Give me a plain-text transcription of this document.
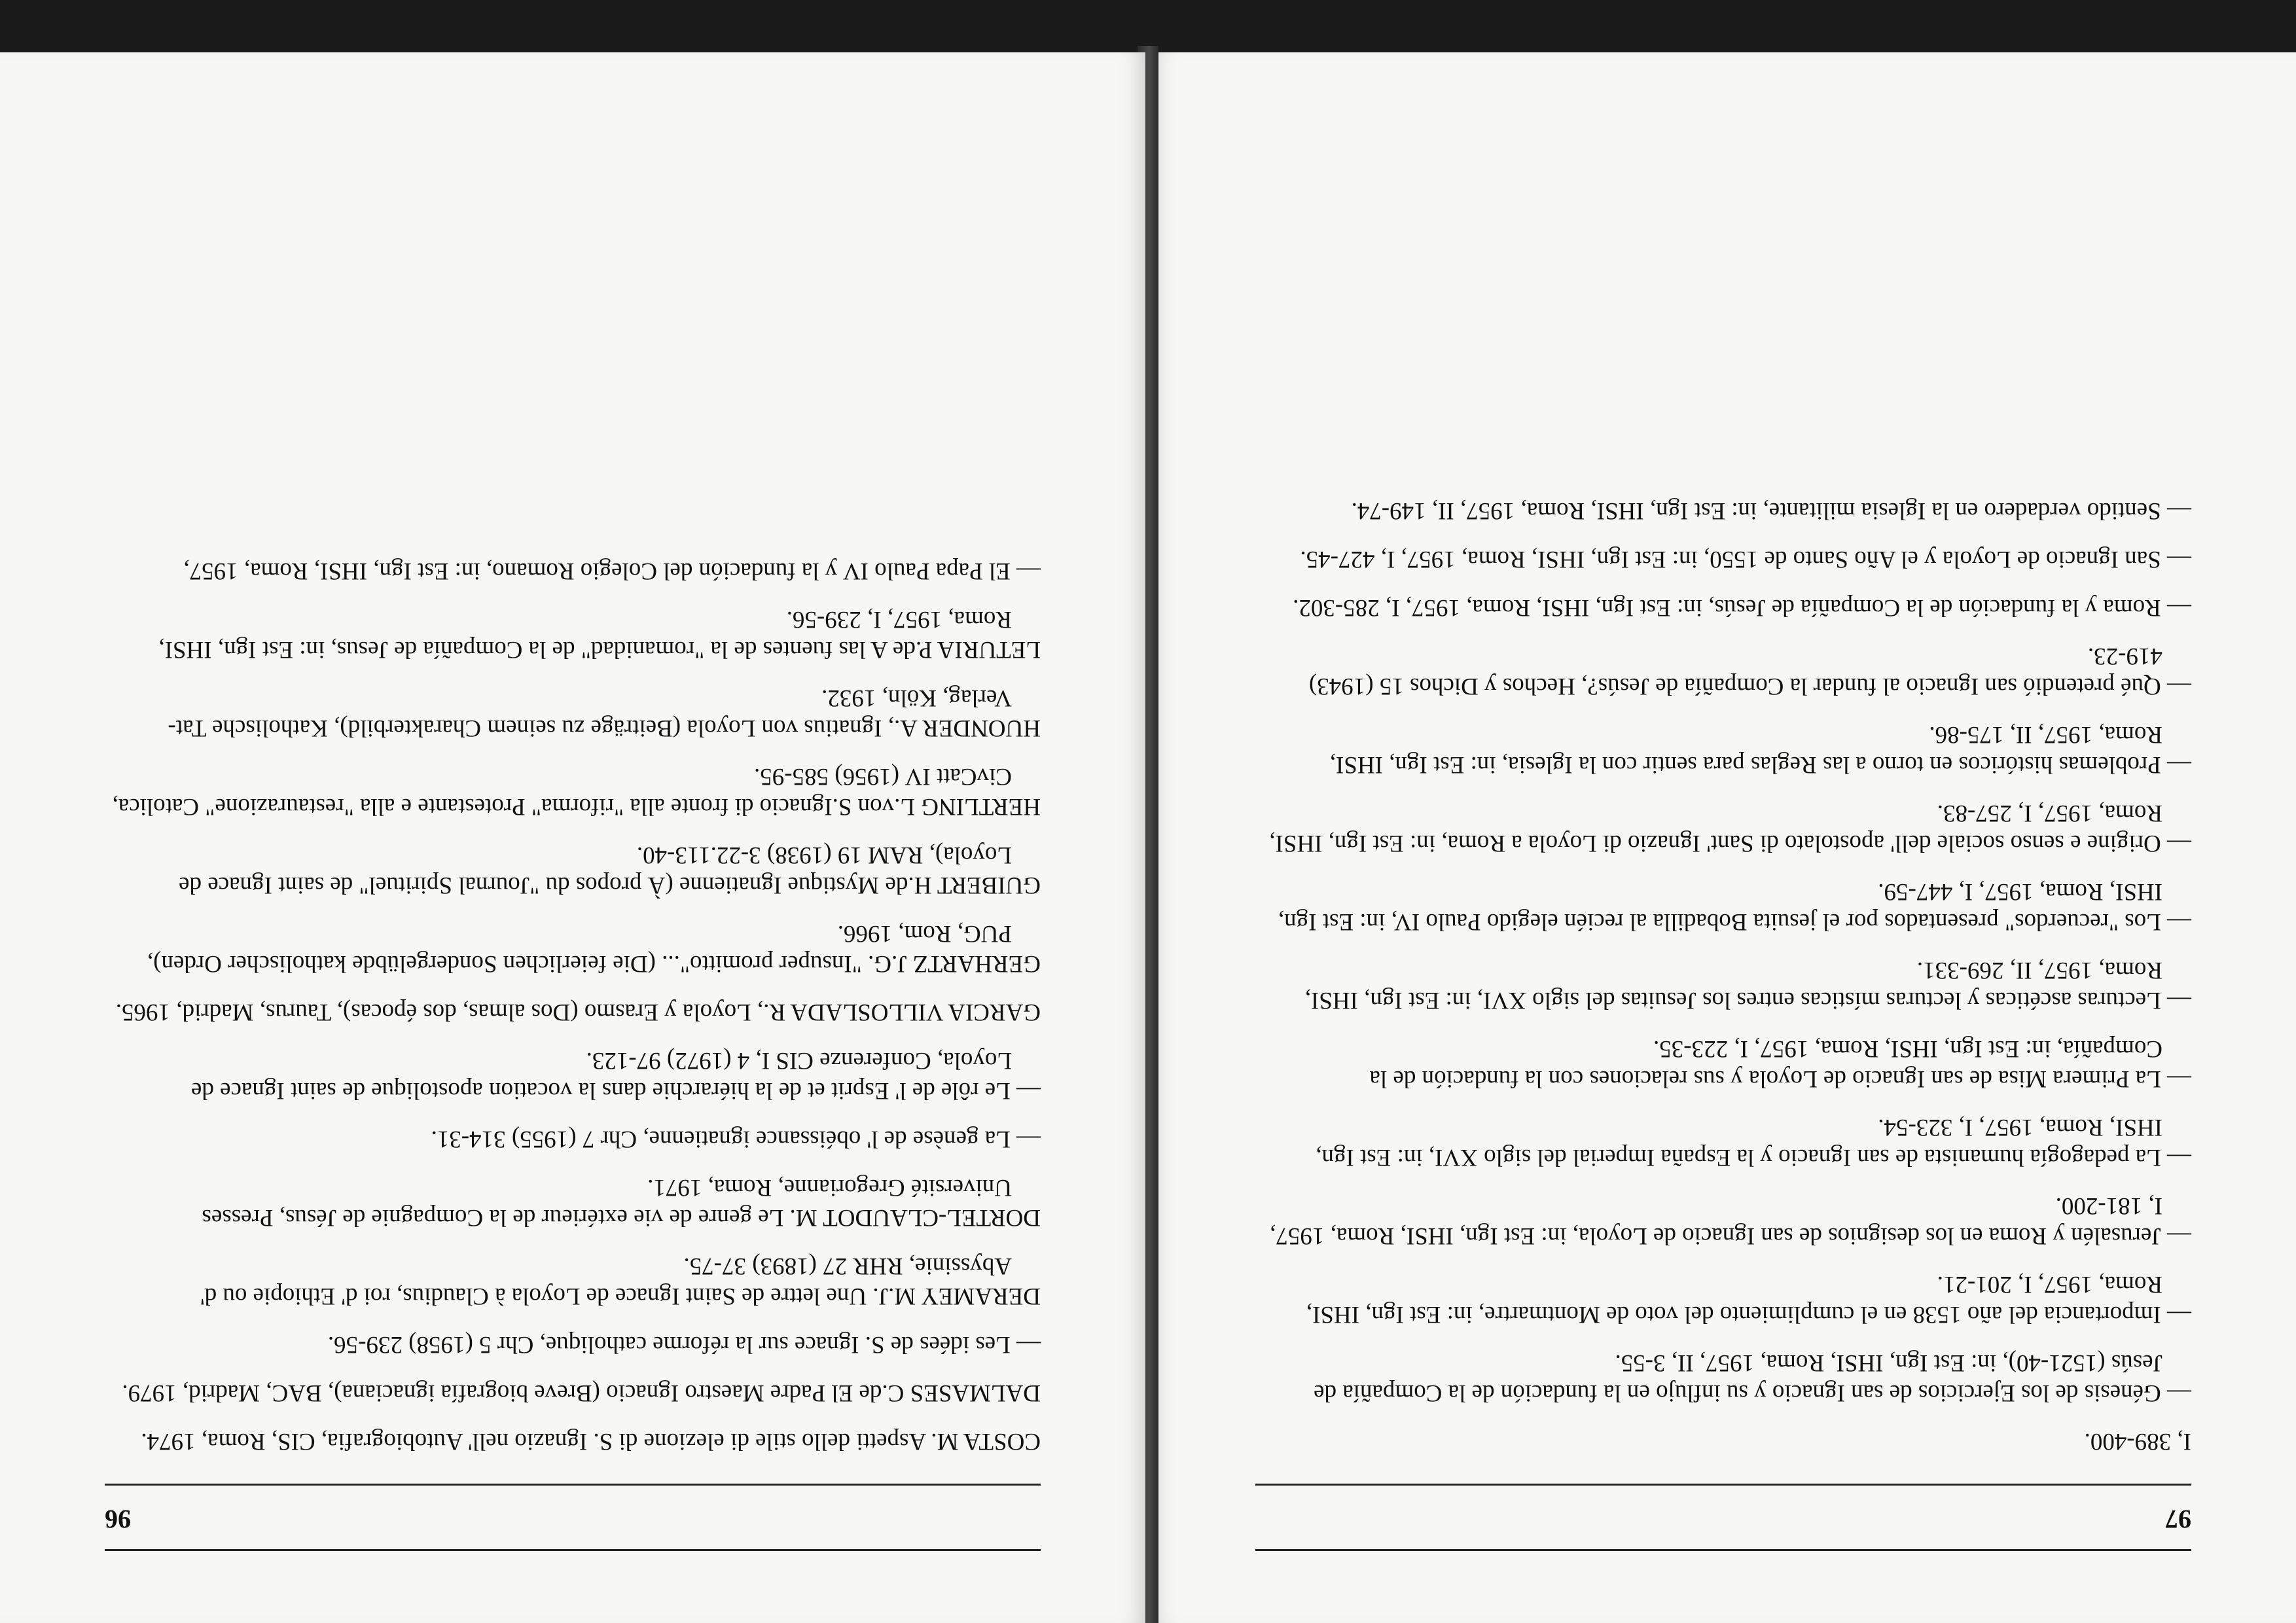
97

I, 389-400.

— Génesis de los Ejercicios de san Ignacio y su influjo en la fundación de la Compañía de Jesús (1521-40), in: Est Ign, IHSI, Roma, 1957, II, 3-55.

— Importancia del año 1538 en el cumplimiento del voto de Montmartre, in: Est Ign, IHSI, Roma, 1957, I, 201-21.

— Jerusalén y Roma en los designios de san Ignacio de Loyola, in: Est Ign, IHSI, Roma, 1957, I, 181-200.

— La pedagogía humanista de san Ignacio y la España Imperial del siglo XVI, in: Est Ign, IHSI, Roma, 1957, I, 323-54.

— La Primera Misa de san Ignacio de Loyola y sus relaciones con la fundación de la Compañía, in: Est Ign, IHSI, Roma, 1957, I, 223-35.

— Lecturas ascéticas y lecturas místicas entres los Jesuitas del siglo XVI, in: Est Ign, IHSI, Roma, 1957, II, 269-331.

— Los "recuerdos" presentados por el jesuita Bobadilla al recién elegido Paulo IV, in: Est Ign, IHSI, Roma, 1957, I, 447-59.

— Origine e senso sociale dell' apostolato di Sant' Ignazio di Loyola a Roma, in: Est Ign, IHSI, Roma, 1957, I, 257-83.

— Problemas históricos en torno a las Reglas para sentir con la Iglesia, in: Est Ign, IHSI, Roma, 1957, II, 175-86.

— Qué pretendió san Ignacio al fundar la Compañía de Jesús?, Hechos y Dichos 15 (1943) 419-23.

— Roma y la fundación de la Compañía de Jesús, in: Est Ign, IHSI, Roma, 1957, I, 285-302.

— San Ignacio de Loyola y el Año Santo de 1550, in: Est Ign, IHSI, Roma, 1957, I, 427-45.

— Sentido verdadero en la Iglesia militante, in: Est Ign, IHSI, Roma, 1957, II, 149-74.

96

COSTA M. Aspetti dello stile di elezione di S. Ignazio nell' Autobiografia, CIS, Roma, 1974.

DALMASES C.de El Padre Maestro Ignacio (Breve biografía ignaciana), BAC, Madrid, 1979.

— Les idées de S. Ignace sur la réforme catholique, Chr 5 (1958) 239-56.

DERAMEY M.J. Une lettre de Saint Ignace de Loyola à Claudius, roi d' Ethiopie ou d' Abyssinie, RHR 27 (1893) 37-75.

DORTEL-CLAUDOT M. Le genre de vie extérieur de la Compagnie de Jésus, Presses Université Gregorianne, Roma, 1971.

— La genèse de l' obéissance ignatienne, Chr 7 (1955) 314-31.

— Le rôle de l' Esprit et de la hiérarchie dans la vocation apostolique de saint Ignace de Loyola, Conferenze CIS I, 4 (1972) 97-123.

GARCIA VILLOSLADA R., Loyola y Erasmo (Dos almas, dos épocas), Taurus, Madrid, 1965.

GERHARTZ J.G. "Insuper promitto"... (Die feierlichen Sondergelübde katholischer Orden), PUG, Rom, 1966.

GUIBERT H.de Mystique Ignatienne (À propos du "Journal Spirituel" de saint Ignace de Loyola), RAM 19 (1938) 3-22.113-40.

HERTLING L.von S.Ignacio di fronte alla "riforma" Protestante e alla "restaurazione" Catolica, CivCatt IV (1956) 585-95.

HUONDER A., Ignatius von Loyola (Beiträge zu seinem Charakterbild), Katholische Tat-Verlag, Köln, 1932.

LETURIA P.de A las fuentes de la "romanidad" de la Compañía de Jesus, in: Est Ign, IHSI, Roma, 1957, I, 239-56.

— El Papa Paulo IV y la fundación del Colegio Romano, in: Est Ign, IHSI, Roma, 1957,
